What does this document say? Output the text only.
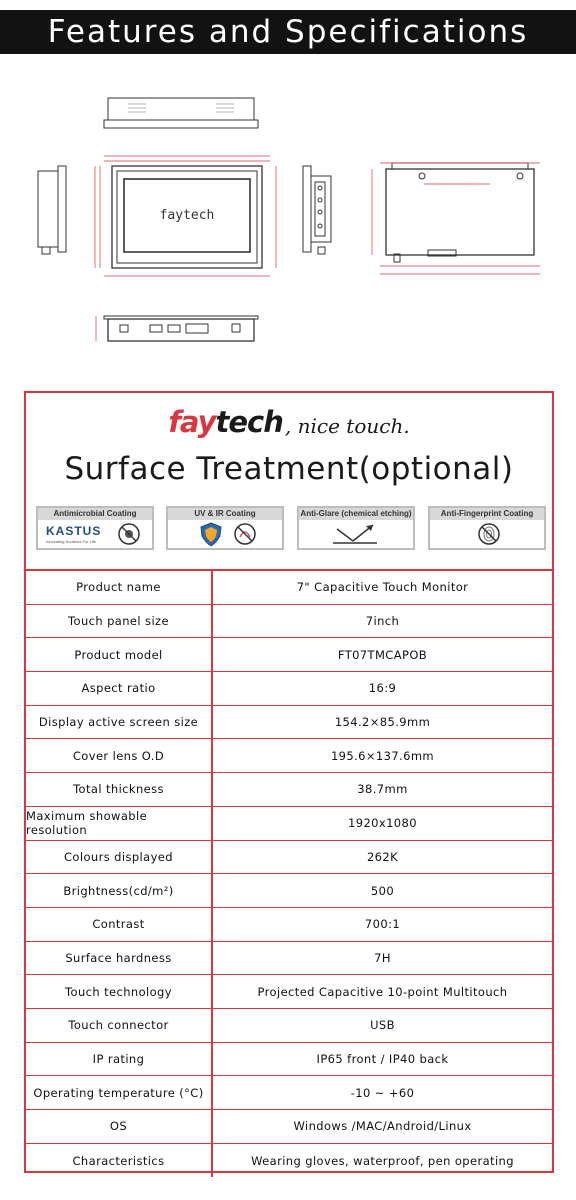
Features and Specifications
faytech
fay tech , nice touch.
Surface Treatment(optional)
Antimicrobial Coating
KASTUS
Innovating Surfaces For Life
UV & IR Coating	Anti-Glare (chemical etching)	Anti-Fingerprint Coating
Product name	7" Capacitive Touch Monitor
Touch panel size	7inch
Product model	FT07TMCAPOB
Aspect ratio	16:9
Display active screen size	154.2×85.9mm
Cover lens O.D	195.6×137.6mm
Total thickness	38.7mm
Maximum showable resolution	1920x1080
Colours displayed	262K
Brightness(cd/m²)	500
Contrast	700:1
Surface hardness	7H
Touch technology	Projected Capacitive 10-point Multitouch
Touch connector	USB
IP rating	IP65 front / IP40 back
Operating temperature (°C)	-10 ~ +60
OS	Windows /MAC/Android/Linux
Characteristics	Wearing gloves, waterproof, pen operating
